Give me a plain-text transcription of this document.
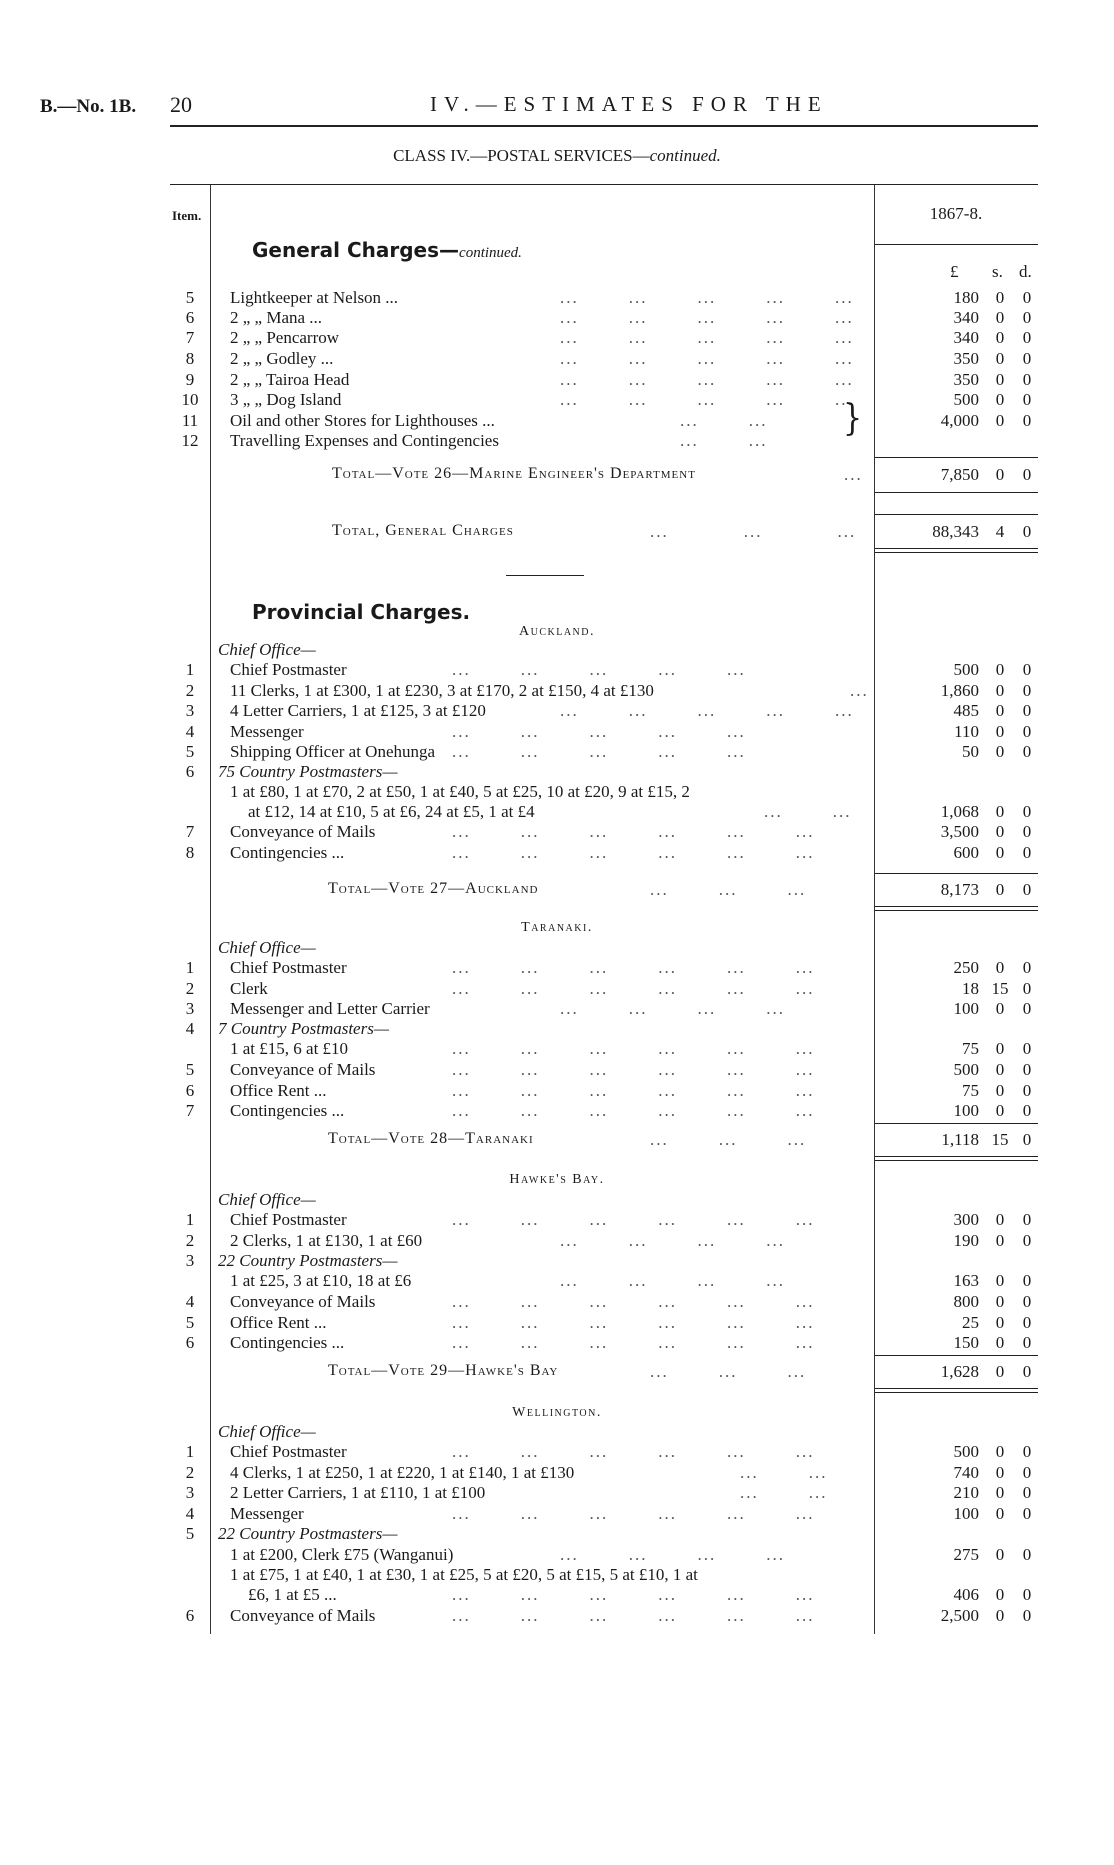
B.—No. 1B. 20	IV.—ESTIMATES FOR THE
CLASS IV.—POSTAL SERVICES—continued.
Item.	1867-8.
General Charges—continued.
£ s. d.
5	Lightkeeper at Nelson ...	...        ...        ...        ...        ...	180 0	0
6	2 „ „ Mana ...	...        ...        ...        ...        ...	340 0	0
7	2 „ „ Pencarrow	...        ...        ...        ...        ...	340 0	0
8	2 „ „ Godley ...	...        ...        ...        ...        ...	350 0	0
9	2 „ „ Tairoa Head	...        ...        ...        ...        ...	350 0	0
10 3 „ „ Dog Island	...        ...        ...        ...        ...	500 0	0
11 Oil and other Stores for Lighthouses ...	...        ...
12 Travelling Expenses and Contingencies	...        ...
}	4,000 0	0
Total—Vote 26—Marine Engineer's Department	...	7,850 0	0
Total, General Charges	...            ...            ...	88,343 4	0
Provincial Charges.
Auckland.
Chief Office—
1	Chief Postmaster	...        ...        ...        ...        ...	500 0	0
2	11 Clerks, 1 at £300, 1 at £230, 3 at £170, 2 at £150, 4 at £130	...	1,860 0	0
3	4 Letter Carriers, 1 at £125, 3 at £120	...        ...        ...        ...        ...	485 0	0
4	Messenger	...        ...        ...        ...        ...	110 0	0
5	Shipping Officer at Onehunga ...        ...        ...        ...        ...	50 0	0
6	75 Country Postmasters—
1 at £80, 1 at £70, 2 at £50, 1 at £40, 5 at £25, 10 at £20, 9 at £15, 2
at £12, 14 at £10, 5 at £6, 24 at £5, 1 at £4	...        ...	1,068 0	0
7	Conveyance of Mails	...        ...        ...        ...        ...        ...	3,500 0	0
8	Contingencies ...	...        ...        ...        ...        ...        ...	600 0	0
Total—Vote 27—Auckland	...        ...        ...	8,173 0	0
Taranaki.
Chief Office—
1	Chief Postmaster	...        ...        ...        ...        ...        ...	250 0	0
2	Clerk	...        ...        ...        ...        ...        ...	18 15 0
3	Messenger and Letter Carrier	...        ...        ...        ...	100 0	0
4	7 Country Postmasters—
1 at £15, 6 at £10	...        ...        ...        ...        ...        ...	75 0	0
5	Conveyance of Mails	...        ...        ...        ...        ...        ...	500 0	0
6	Office Rent ...	...        ...        ...        ...        ...        ...	75 0	0
7	Contingencies ...	...        ...        ...        ...        ...        ...	100 0	0
Total—Vote 28—Taranaki	...        ...        ...	1,118 15 0
Hawke's Bay.
Chief Office—
1	Chief Postmaster	...        ...        ...        ...        ...        ...	300 0	0
2	2 Clerks, 1 at £130, 1 at £60	...        ...        ...        ...	190 0	0
3	22 Country Postmasters—
1 at £25, 3 at £10, 18 at £6	...        ...        ...        ...	163 0	0
4	Conveyance of Mails	...        ...        ...        ...        ...        ...	800 0	0
5	Office Rent ...	...        ...        ...        ...        ...        ...	25 0	0
6	Contingencies ...	...        ...        ...        ...        ...        ...	150 0	0
Total—Vote 29—Hawke's Bay	...        ...        ...	1,628 0	0
Wellington.
Chief Office—
1	Chief Postmaster	...        ...        ...        ...        ...        ...	500 0	0
2	4 Clerks, 1 at £250, 1 at £220, 1 at £140, 1 at £130	...        ...	740 0	0
3	2 Letter Carriers, 1 at £110, 1 at £100	...        ...	210 0	0
4	Messenger	...        ...        ...        ...        ...        ...	100 0	0
5	22 Country Postmasters—
1 at £200, Clerk £75 (Wanganui)	...        ...        ...        ...	275 0	0
1 at £75, 1 at £40, 1 at £30, 1 at £25, 5 at £20, 5 at £15, 5 at £10, 1 at
£6, 1 at £5 ...	...        ...        ...        ...        ...        ...	406 0	0
6	Conveyance of Mails	...        ...        ...        ...        ...        ...	2,500 0	0
